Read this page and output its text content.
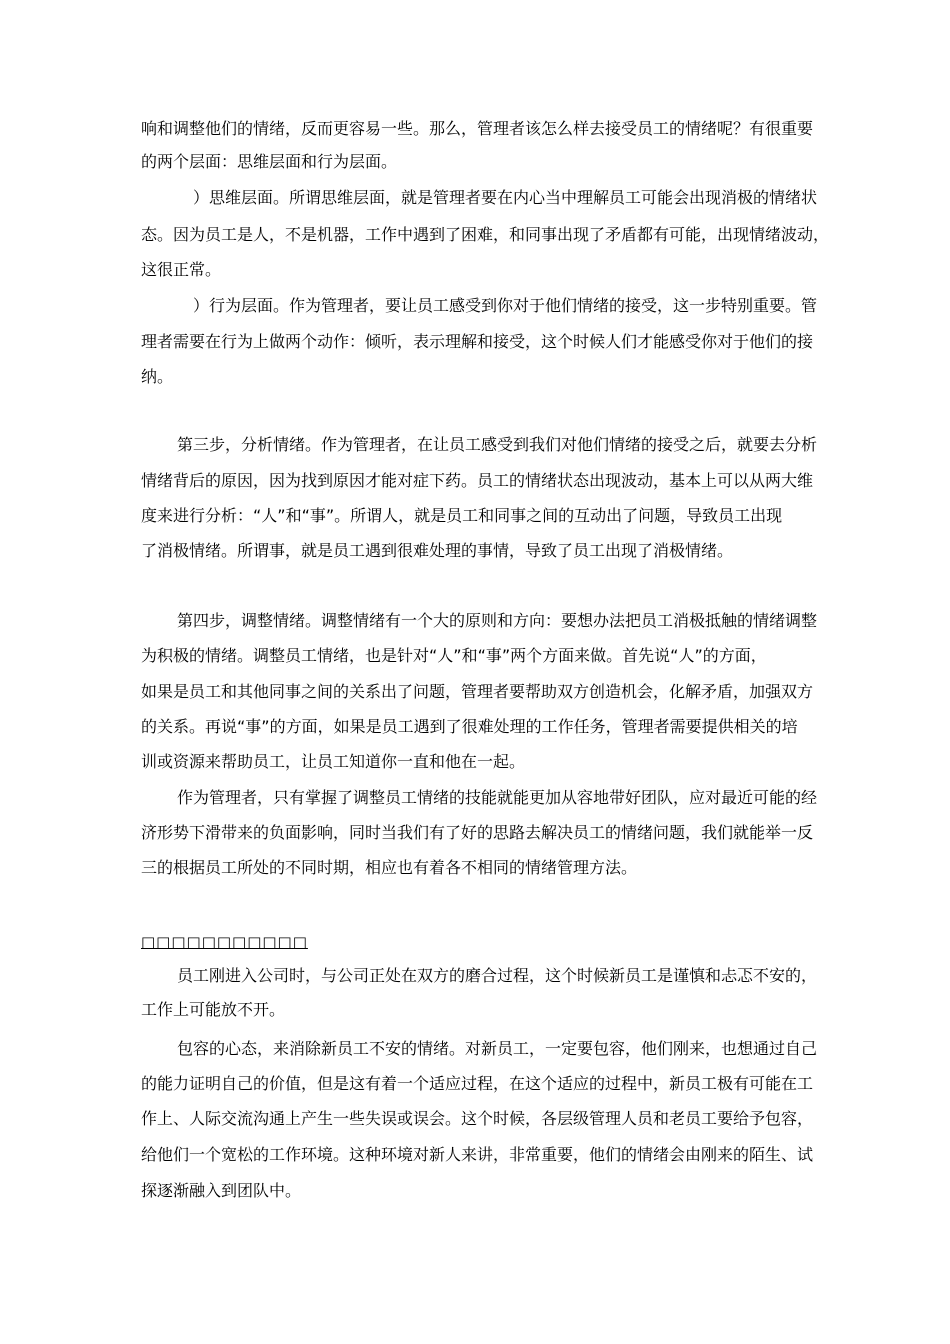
响和调整他们的情绪，反而更容易一些。那么，管理者该怎么样去接受员工的情绪呢？有很重要

的两个层面：思维层面和行为层面。

）思维层面。所谓思维层面，就是管理者要在内心当中理解员工可能会出现消极的情绪状

态。因为员工是人，不是机器，工作中遇到了困难，和同事出现了矛盾都有可能，出现情绪波动，

这很正常。

）行为层面。作为管理者，要让员工感受到你对于他们情绪的接受，这一步特别重要。管

理者需要在行为上做两个动作：倾听，表示理解和接受，这个时候人们才能感受你对于他们的接

纳。

第三步，分析情绪。作为管理者，在让员工感受到我们对他们情绪的接受之后，就要去分析

情绪背后的原因，因为找到原因才能对症下药。员工的情绪状态出现波动，基本上可以从两大维

度来进行分析：“人”和“事”。所谓人，就是员工和同事之间的互动出了问题，导致员工出现

了消极情绪。所谓事，就是员工遇到很难处理的事情，导致了员工出现了消极情绪。

第四步，调整情绪。调整情绪有一个大的原则和方向：要想办法把员工消极抵触的情绪调整

为积极的情绪。调整员工情绪，也是针对“人”和“事”两个方面来做。首先说“人”的方面，

如果是员工和其他同事之间的关系出了问题，管理者要帮助双方创造机会，化解矛盾，加强双方

的关系。再说“事”的方面，如果是员工遇到了很难处理的工作任务，管理者需要提供相关的培

训或资源来帮助员工，让员工知道你一直和他在一起。

作为管理者，只有掌握了调整员工情绪的技能就能更加从容地带好团队，应对最近可能的经

济形势下滑带来的负面影响，同时当我们有了好的思路去解决员工的情绪问题，我们就能举一反

三的根据员工所处的不同时期，相应也有着各不相同的情绪管理方法。

□□□□□□□□□□□

员工刚进入公司时，与公司正处在双方的磨合过程，这个时候新员工是谨慎和忐忑不安的，

工作上可能放不开。

包容的心态，来消除新员工不安的情绪。对新员工，一定要包容，他们刚来，也想通过自己

的能力证明自己的价值，但是这有着一个适应过程，在这个适应的过程中，新员工极有可能在工

作上、人际交流沟通上产生一些失误或误会。这个时候，各层级管理人员和老员工要给予包容，

给他们一个宽松的工作环境。这种环境对新人来讲，非常重要，他们的情绪会由刚来的陌生、试

探逐渐融入到团队中。
